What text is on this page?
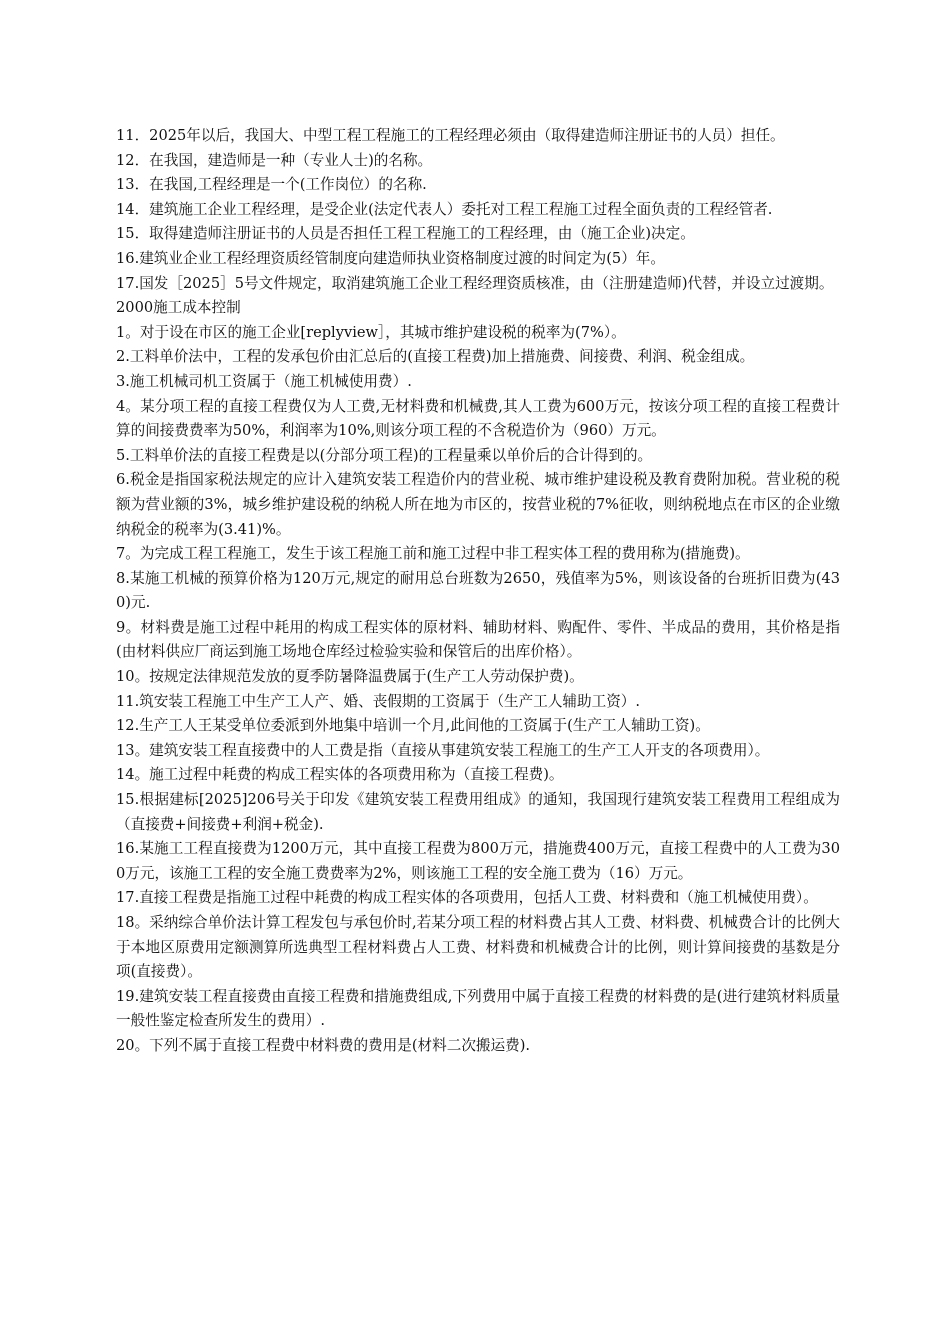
11．2025年以后，我国大、中型工程工程施工的工程经理必须由（取得建造师注册证书的人员）担任。

12．在我国，建造师是一种（专业人士)的名称。

13．在我国,工程经理是一个(工作岗位）的名称.

14．建筑施工企业工程经理，是受企业(法定代表人）委托对工程工程施工过程全面负责的工程经管者.

15．取得建造师注册证书的人员是否担任工程工程施工的工程经理，由（施工企业)决定。

16.建筑业企业工程经理资质经管制度向建造师执业资格制度过渡的时间定为(5）年。

17.国发［2025］5号文件规定，取消建筑施工企业工程经理资质核准，由（注册建造师)代替，并设立过渡期。

2000施工成本控制

1。对于设在市区的施工企业[replyview］，其城市维护建设税的税率为(7%）。

2.工料单价法中，工程的发承包价由汇总后的(直接工程费)加上措施费、间接费、利润、税金组成。

3.施工机械司机工资属于（施工机械使用费）.

4。某分项工程的直接工程费仅为人工费,无材料费和机械费,其人工费为600万元，按该分项工程的直接工程费计算的间接费费率为50%，利润率为10%,则该分项工程的不含税造价为（960）万元。

5.工料单价法的直接工程费是以(分部分项工程)的工程量乘以单价后的合计得到的。

6.税金是指国家税法规定的应计入建筑安装工程造价内的营业税、城市维护建设税及教育费附加税。营业税的税额为营业额的3%，城乡维护建设税的纳税人所在地为市区的，按营业税的7%征收，则纳税地点在市区的企业缴纳税金的税率为(3.41)%。

7。为完成工程工程施工，发生于该工程施工前和施工过程中非工程实体工程的费用称为(措施费)。

8.某施工机械的预算价格为120万元,规定的耐用总台班数为2650，残值率为5%，则该设备的台班折旧费为(430)元.

9。材料费是施工过程中耗用的构成工程实体的原材料、辅助材料、购配件、零件、半成品的费用，其价格是指(由材料供应厂商运到施工场地仓库经过检验实验和保管后的出库价格）。

10。按规定法律规范发放的夏季防暑降温费属于(生产工人劳动保护费)。

11.筑安装工程施工中生产工人产、婚、丧假期的工资属于（生产工人辅助工资）.

12.生产工人王某受单位委派到外地集中培训一个月,此间他的工资属于(生产工人辅助工资)。

13。建筑安装工程直接费中的人工费是指（直接从事建筑安装工程施工的生产工人开支的各项费用）。

14。施工过程中耗费的构成工程实体的各项费用称为（直接工程费)。

15.根据建标[2025]206号关于印发《建筑安装工程费用组成》的通知，我国现行建筑安装工程费用工程组成为（直接费+间接费+利润+税金).

16.某施工工程直接费为1200万元，其中直接工程费为800万元，措施费400万元，直接工程费中的人工费为300万元，该施工工程的安全施工费费率为2%，则该施工工程的安全施工费为（16）万元。

17.直接工程费是指施工过程中耗费的构成工程实体的各项费用，包括人工费、材料费和（施工机械使用费）。

18。采纳综合单价法计算工程发包与承包价时,若某分项工程的材料费占其人工费、材料费、机械费合计的比例大于本地区原费用定额测算所选典型工程材料费占人工费、材料费和机械费合计的比例，则计算间接费的基数是分项(直接费）。

19.建筑安装工程直接费由直接工程费和措施费组成,下列费用中属于直接工程费的材料费的是(进行建筑材料质量一般性鉴定检查所发生的费用）.

20。下列不属于直接工程费中材料费的费用是(材料二次搬运费).
